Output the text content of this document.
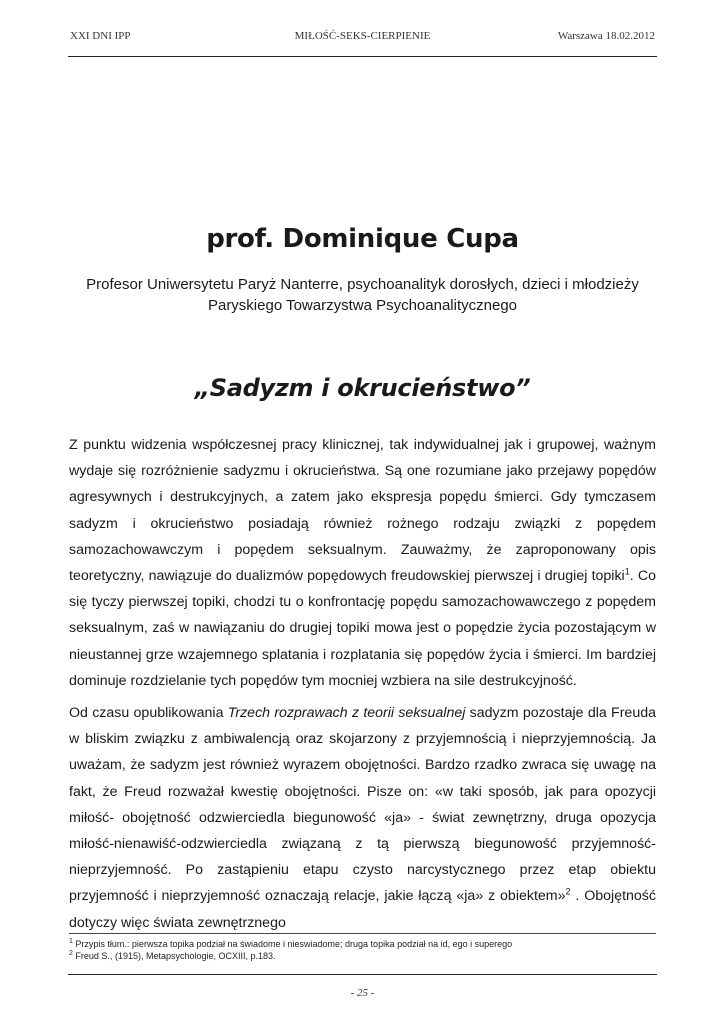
XXI DNI IPP	MIŁOŚĆ-SEKS-CIERPIENIE	Warszawa 18.02.2012
prof. Dominique Cupa
Profesor Uniwersytetu Paryż Nanterre, psychoanalityk dorosłych, dzieci i młodzieży
Paryskiego Towarzystwa Psychoanalitycznego
„Sadyzm i okrucieństwo”

Z punktu widzenia współczesnej pracy klinicznej, tak indywidualnej jak i grupowej, ważnym wydaje się rozróżnienie sadyzmu i okrucieństwa. Są one rozumiane jako przejawy popędów agresywnych i destrukcyjnych, a zatem jako ekspresja popędu śmierci. Gdy tymczasem sadyzm i okrucieństwo posiadają również rożnego rodzaju związki z popędem samozachowawczym i popędem seksualnym. Zauważmy, że zaproponowany opis teoretyczny, nawiązuje do dualizmów popędowych freudowskiej pierwszej i drugiej topiki$^1$. Co się tyczy pierwszej topiki, chodzi tu o konfrontację popędu samozachowawczego z popędem seksualnym, zaś w nawiązaniu do drugiej topiki mowa jest o popędzie życia pozostającym w nieustannej grze wzajemnego splatania i rozplatania się popędów życia i śmierci. Im bardziej dominuje rozdzielanie tych popędów tym mocniej wzbiera na sile destrukcyjność.

Od czasu opublikowania Trzech rozprawach z teorii seksualnej sadyzm pozostaje dla Freuda w bliskim związku z ambiwalencją oraz skojarzony z przyjemnością i nieprzyjemnością. Ja uważam, że sadyzm jest również wyrazem obojętności. Bardzo rzadko zwraca się uwagę na fakt, że Freud rozważał kwestię obojętności. Pisze on: «w taki sposób, jak para opozycji miłość- obojętność odzwierciedla biegunowość «ja» - świat zewnętrzny, druga opozycja miłość-nienawiść-odzwierciedla związaną z tą pierwszą biegunowość przyjemność-nieprzyjemność. Po zastąpieniu etapu czysto narcystycznego przez etap obiektu przyjemność i nieprzyjemność oznaczają relacje, jakie łączą «ja» z obiektem»$^2$ . Obojętność dotyczy więc świata zewnętrznego

$^1$ Przypis tłum.: pierwsza topika podział na świadome i nieswiadome; druga topika podział na id, ego i superego
$^2$ Freud S., (1915), Metapsychologie, OCXIII, p.183.
- 25 -
